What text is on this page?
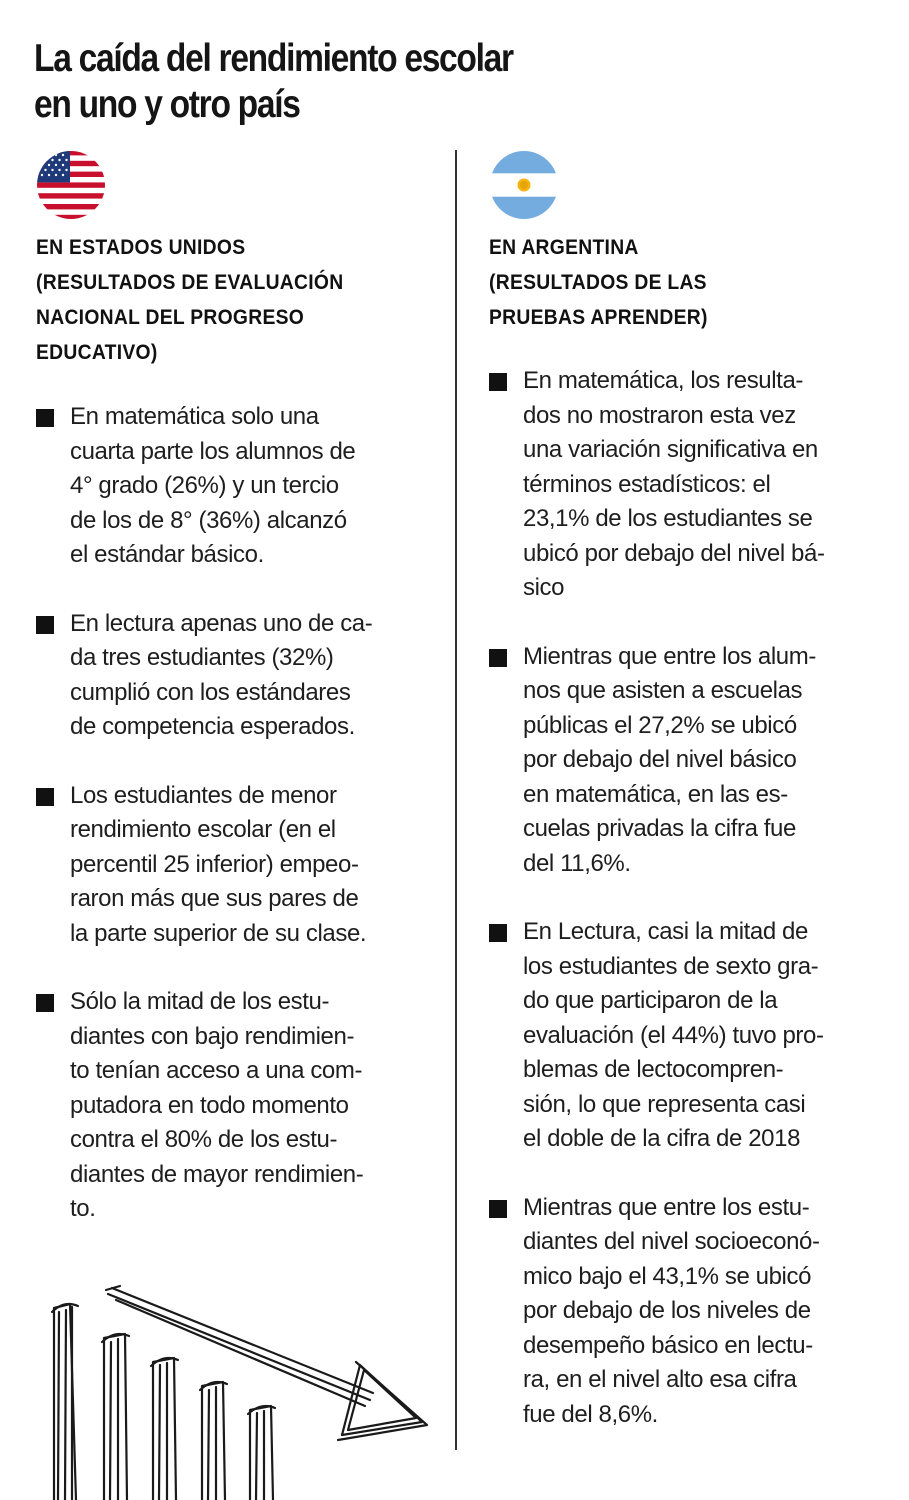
La caída del rendimiento escolar
en uno y otro país
EN ESTADOS UNIDOS
(RESULTADOS DE EVALUACIÓN
NACIONAL DEL PROGRESO
EDUCATIVO)
En matemática solo una
cuarta parte los alumnos de
4° grado (26%) y un tercio
de los de 8° (36%) alcanzó
el estándar básico.
En lectura apenas uno de ca-
da tres estudiantes (32%)
cumplió con los estándares
de competencia esperados.
Los estudiantes de menor
rendimiento escolar (en el
percentil 25 inferior) empeo-
raron más que sus pares de
la parte superior de su clase.
Sólo la mitad de los estu-
diantes con bajo rendimien-
to tenían acceso a una com-
putadora en todo momento
contra el 80% de los estu-
diantes de mayor rendimien-
to.
EN ARGENTINA
(RESULTADOS DE LAS
PRUEBAS APRENDER)
En matemática, los resulta-
dos no mostraron esta vez
una variación significativa en
términos estadísticos: el
23,1% de los estudiantes se
ubicó por debajo del nivel bá-
sico
Mientras que entre los alum-
nos que asisten a escuelas
públicas el 27,2% se ubicó
por debajo del nivel básico
en matemática, en las es-
cuelas privadas la cifra fue
del 11,6%.
En Lectura, casi la mitad de
los estudiantes de sexto gra-
do que participaron de la
evaluación (el 44%) tuvo pro-
blemas de lectocompren-
sión, lo que representa casi
el doble de la cifra de 2018
Mientras que entre los estu-
diantes del nivel socioeconó-
mico bajo el 43,1% se ubicó
por debajo de los niveles de
desempeño básico en lectu-
ra, en el nivel alto esa cifra
fue del 8,6%.
